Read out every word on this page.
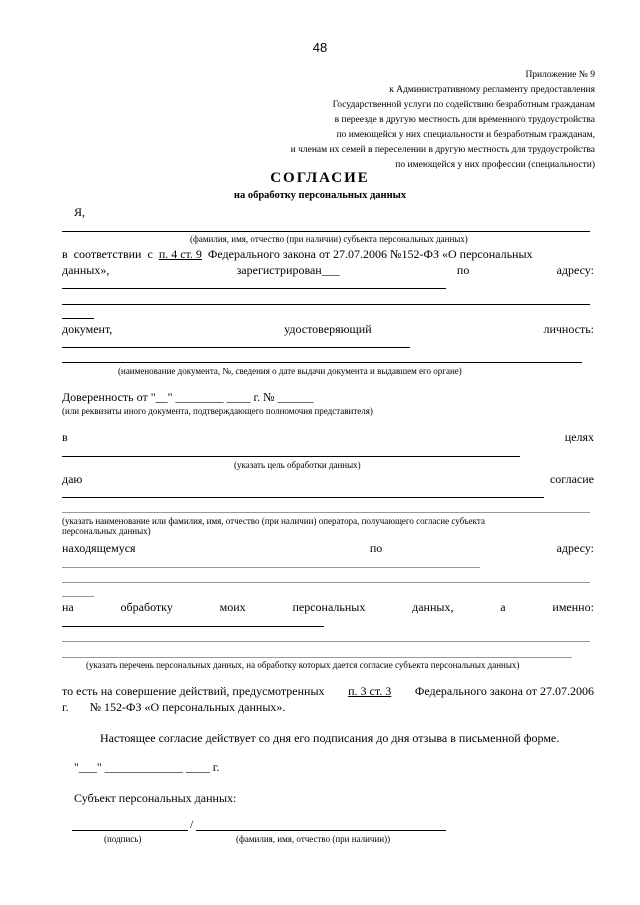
48
Приложение № 9
к Административному регламенту предоставления
Государственной услуги по содействию безработным гражданам
в переезде в другую местность для временного трудоустройства
по имеющейся у них специальности и безработным гражданам,
и членам их семей в переселении в другую местность для трудоустройства
по имеющейся у них профессии (специальности)
СОГЛАСИЕ
на обработку персональных данных
Я,
(фамилия, имя, отчество (при наличии) субъекта персональных данных)
в соответствии с п. 4 ст. 9 Федерального закона от 27.07.2006 №152-ФЗ «О персональных
данных»,	зарегистрирован___	по	адресу:
документ,	удостоверяющий	личность:
(наименование документа, №, сведения о дате выдачи документа и выдавшем его органе)
Доверенность от "__" ________ ____ г. № ______
(или реквизиты иного документа, подтверждающего полномочия представителя)
в	целях
(указать цель обработки данных)
даю	согласие
(указать наименование или фамилия, имя, отчество (при наличии) оператора, получающего согласие субъекта
персональных данных)
находящемуся	по	адресу:
на	обработку	моих	персональных	данных,	а	именно:
(указать перечень персональных данных, на обработку которых дается согласие субъекта персональных данных)
то есть на совершение действий, предусмотренных п. 3 ст. 3 Федерального закона от 27.07.2006
г. № 152-ФЗ «О персональных данных».
Настоящее согласие действует со дня его подписания до дня отзыва в письменной форме.
"___" _____________ ____ г.
Субъект персональных данных:
/
(подпись)	(фамилия, имя, отчество (при наличии))
